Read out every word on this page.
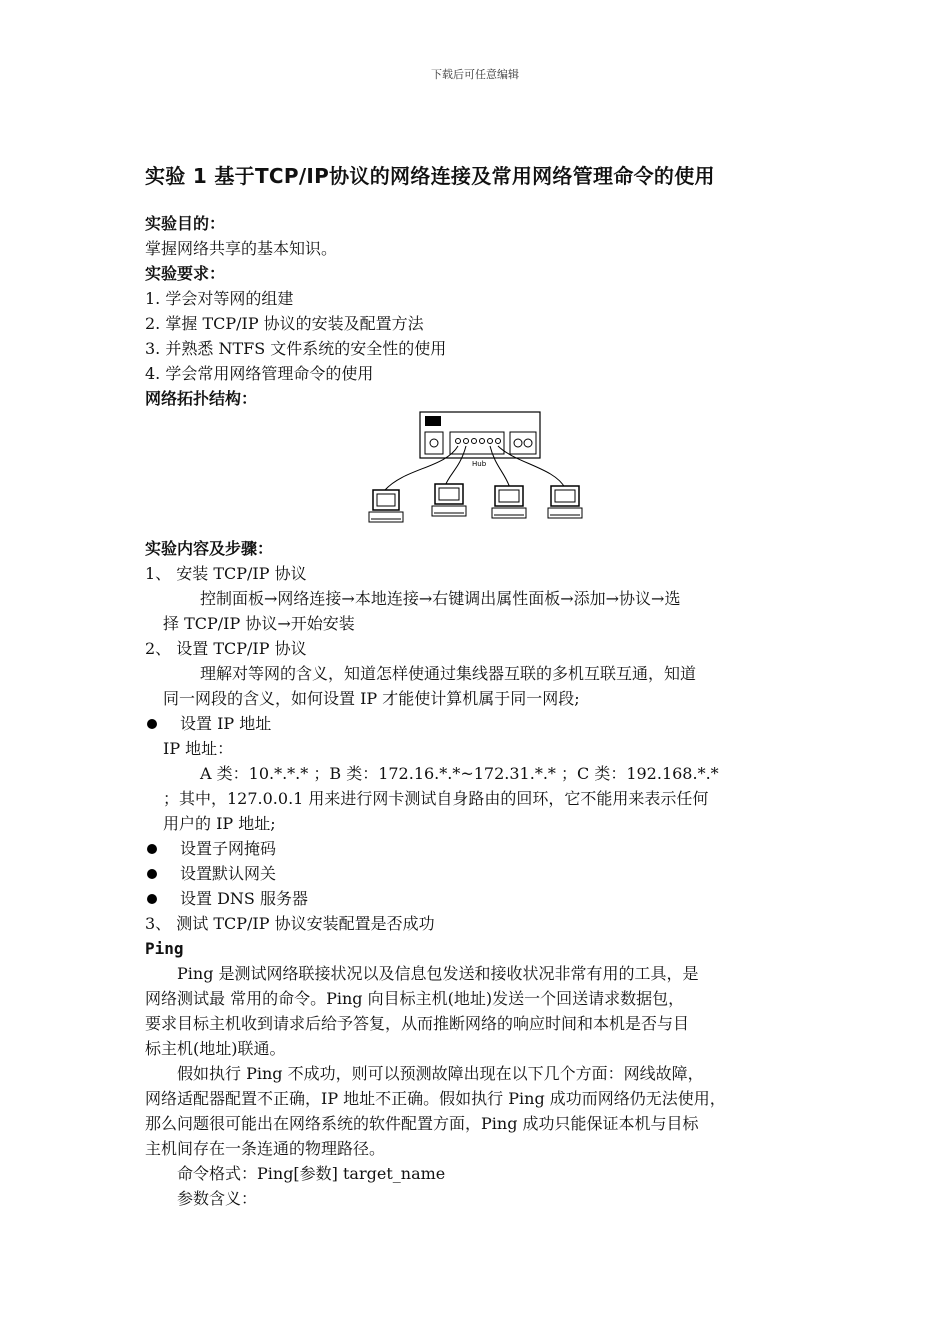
下载后可任意编辑
实验 1 基于TCP/IP协议的网络连接及常用网络管理命令的使用
实验目的：
掌握网络共享的基本知识。
实验要求：
1. 学会对等网的组建
2. 掌握 TCP/IP 协议的安装及配置方法
3. 并熟悉 NTFS 文件系统的安全性的使用
4. 学会常用网络管理命令的使用
网络拓扑结构：
Hub
实验内容及步骤：
1、 安装 TCP/IP 协议
控制面板→网络连接→本地连接→右键调出属性面板→添加→协议→选
择 TCP/IP 协议→开始安装
2、 设置 TCP/IP 协议
理解对等网的含义，知道怎样使通过集线器互联的多机互联互通，知道
同一网段的含义，如何设置 IP 才能使计算机属于同一网段;
设置 IP 地址
IP 地址：
A 类：10.*.*.* ；B 类：172.16.*.*~172.31.*.* ；C 类：192.168.*.*
；其中，127.0.0.1 用来进行网卡测试自身路由的回环，它不能用来表示任何
用户的 IP 地址;
设置子网掩码
设置默认网关
设置 DNS 服务器
3、 测试 TCP/IP 协议安装配置是否成功
Ping
Ping 是测试网络联接状况以及信息包发送和接收状况非常有用的工具，是
网络测试最 常用的命令。Ping 向目标主机(地址)发送一个回送请求数据包，
要求目标主机收到请求后给予答复，从而推断网络的响应时间和本机是否与目
标主机(地址)联通。
假如执行 Ping 不成功，则可以预测故障出现在以下几个方面：网线故障，
网络适配器配置不正确，IP 地址不正确。假如执行 Ping 成功而网络仍无法使用，
那么问题很可能出在网络系统的软件配置方面，Ping 成功只能保证本机与目标
主机间存在一条连通的物理路径。
命令格式：Ping[参数] target_name
参数含义：
